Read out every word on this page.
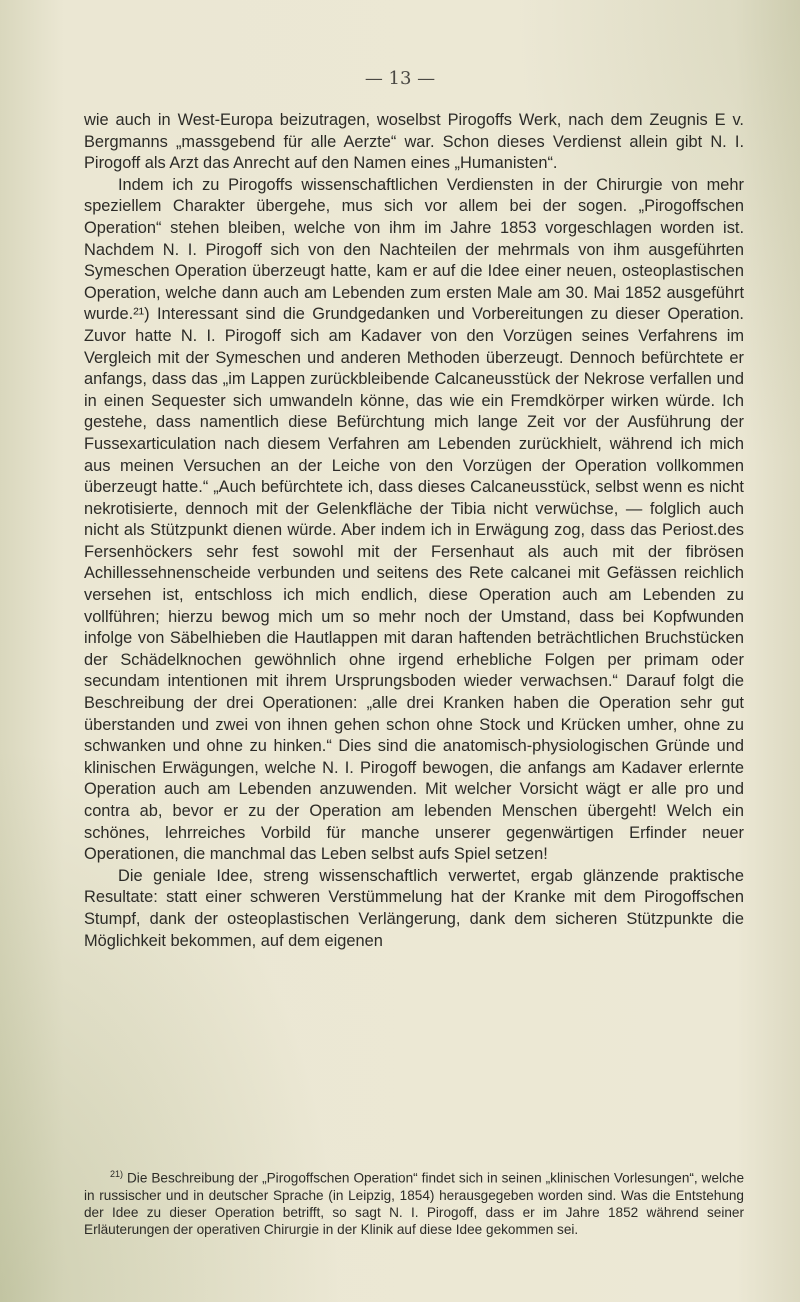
— 13 —

wie auch in West-Europa beizutragen, woselbst Pirogoffs Werk, nach dem Zeugnis E v. Bergmanns „massgebend für alle Aerzte“ war. Schon dieses Verdienst allein gibt N. I. Pirogoff als Arzt das Anrecht auf den Namen eines „Humanisten“.

Indem ich zu Pirogoffs wissenschaftlichen Verdiensten in der Chirurgie von mehr speziellem Charakter übergehe, mus sich vor allem bei der sogen. „Pirogoffschen Operation“ stehen bleiben, welche von ihm im Jahre 1853 vorgeschlagen worden ist. Nachdem N. I. Pirogoff sich von den Nachteilen der mehrmals von ihm ausgeführten Symeschen Operation überzeugt hatte, kam er auf die Idee einer neuen, osteoplastischen Operation, welche dann auch am Lebenden zum ersten Male am 30. Mai 1852 ausgeführt wurde.²¹) Interessant sind die Grundgedanken und Vorbereitungen zu dieser Operation. Zuvor hatte N. I. Pirogoff sich am Kadaver von den Vorzügen seines Verfahrens im Vergleich mit der Symeschen und anderen Methoden überzeugt. Dennoch befürchtete er anfangs, dass das „im Lappen zurückbleibende Calcaneusstück der Nekrose verfallen und in einen Sequester sich umwandeln könne, das wie ein Fremdkörper wirken würde. Ich gestehe, dass namentlich diese Befürchtung mich lange Zeit vor der Ausführung der Fussexarticulation nach diesem Verfahren am Lebenden zurückhielt, während ich mich aus meinen Versuchen an der Leiche von den Vorzügen der Operation vollkommen überzeugt hatte.“ „Auch befürchtete ich, dass dieses Calcaneusstück, selbst wenn es nicht nekrotisierte, dennoch mit der Gelenkfläche der Tibia nicht verwüchse, — folglich auch nicht als Stützpunkt dienen würde. Aber indem ich in Erwägung zog, dass das Periost.des Fersenhöckers sehr fest sowohl mit der Fersenhaut als auch mit der fibrösen Achillessehnenscheide verbunden und seitens des Rete calcanei mit Gefässen reichlich versehen ist, entschloss ich mich endlich, diese Operation auch am Lebenden zu vollführen; hierzu bewog mich um so mehr noch der Umstand, dass bei Kopfwunden infolge von Säbelhieben die Hautlappen mit daran haftenden beträchtlichen Bruchstücken der Schädelknochen gewöhnlich ohne irgend erhebliche Folgen per primam oder secundam intentionen mit ihrem Ursprungsboden wieder verwachsen.“ Darauf folgt die Beschreibung der drei Operationen: „alle drei Kranken haben die Operation sehr gut überstanden und zwei von ihnen gehen schon ohne Stock und Krücken umher, ohne zu schwanken und ohne zu hinken.“ Dies sind die anatomisch-physiologischen Gründe und klinischen Erwägungen, welche N. I. Pirogoff bewogen, die anfangs am Kadaver erlernte Operation auch am Lebenden anzuwenden. Mit welcher Vorsicht wägt er alle pro und contra ab, bevor er zu der Operation am lebenden Menschen übergeht! Welch ein schönes, lehrreiches Vorbild für manche unserer gegenwärtigen Erfinder neuer Operationen, die manchmal das Leben selbst aufs Spiel setzen!

Die geniale Idee, streng wissenschaftlich verwertet, ergab glänzende praktische Resultate: statt einer schweren Verstümmelung hat der Kranke mit dem Pirogoffschen Stumpf, dank der osteoplastischen Verlängerung, dank dem sicheren Stützpunkte die Möglichkeit bekommen, auf dem eigenen

$^{21)}$ Die Beschreibung der „Pirogoffschen Operation“ findet sich in seinen „klinischen Vorlesungen“, welche in russischer und in deutscher Sprache (in Leipzig, 1854) herausgegeben worden sind. Was die Entstehung der Idee zu dieser Operation betrifft, so sagt N. I. Pirogoff, dass er im Jahre 1852 während seiner Erläuterungen der operativen Chirurgie in der Klinik auf diese Idee gekommen sei.
